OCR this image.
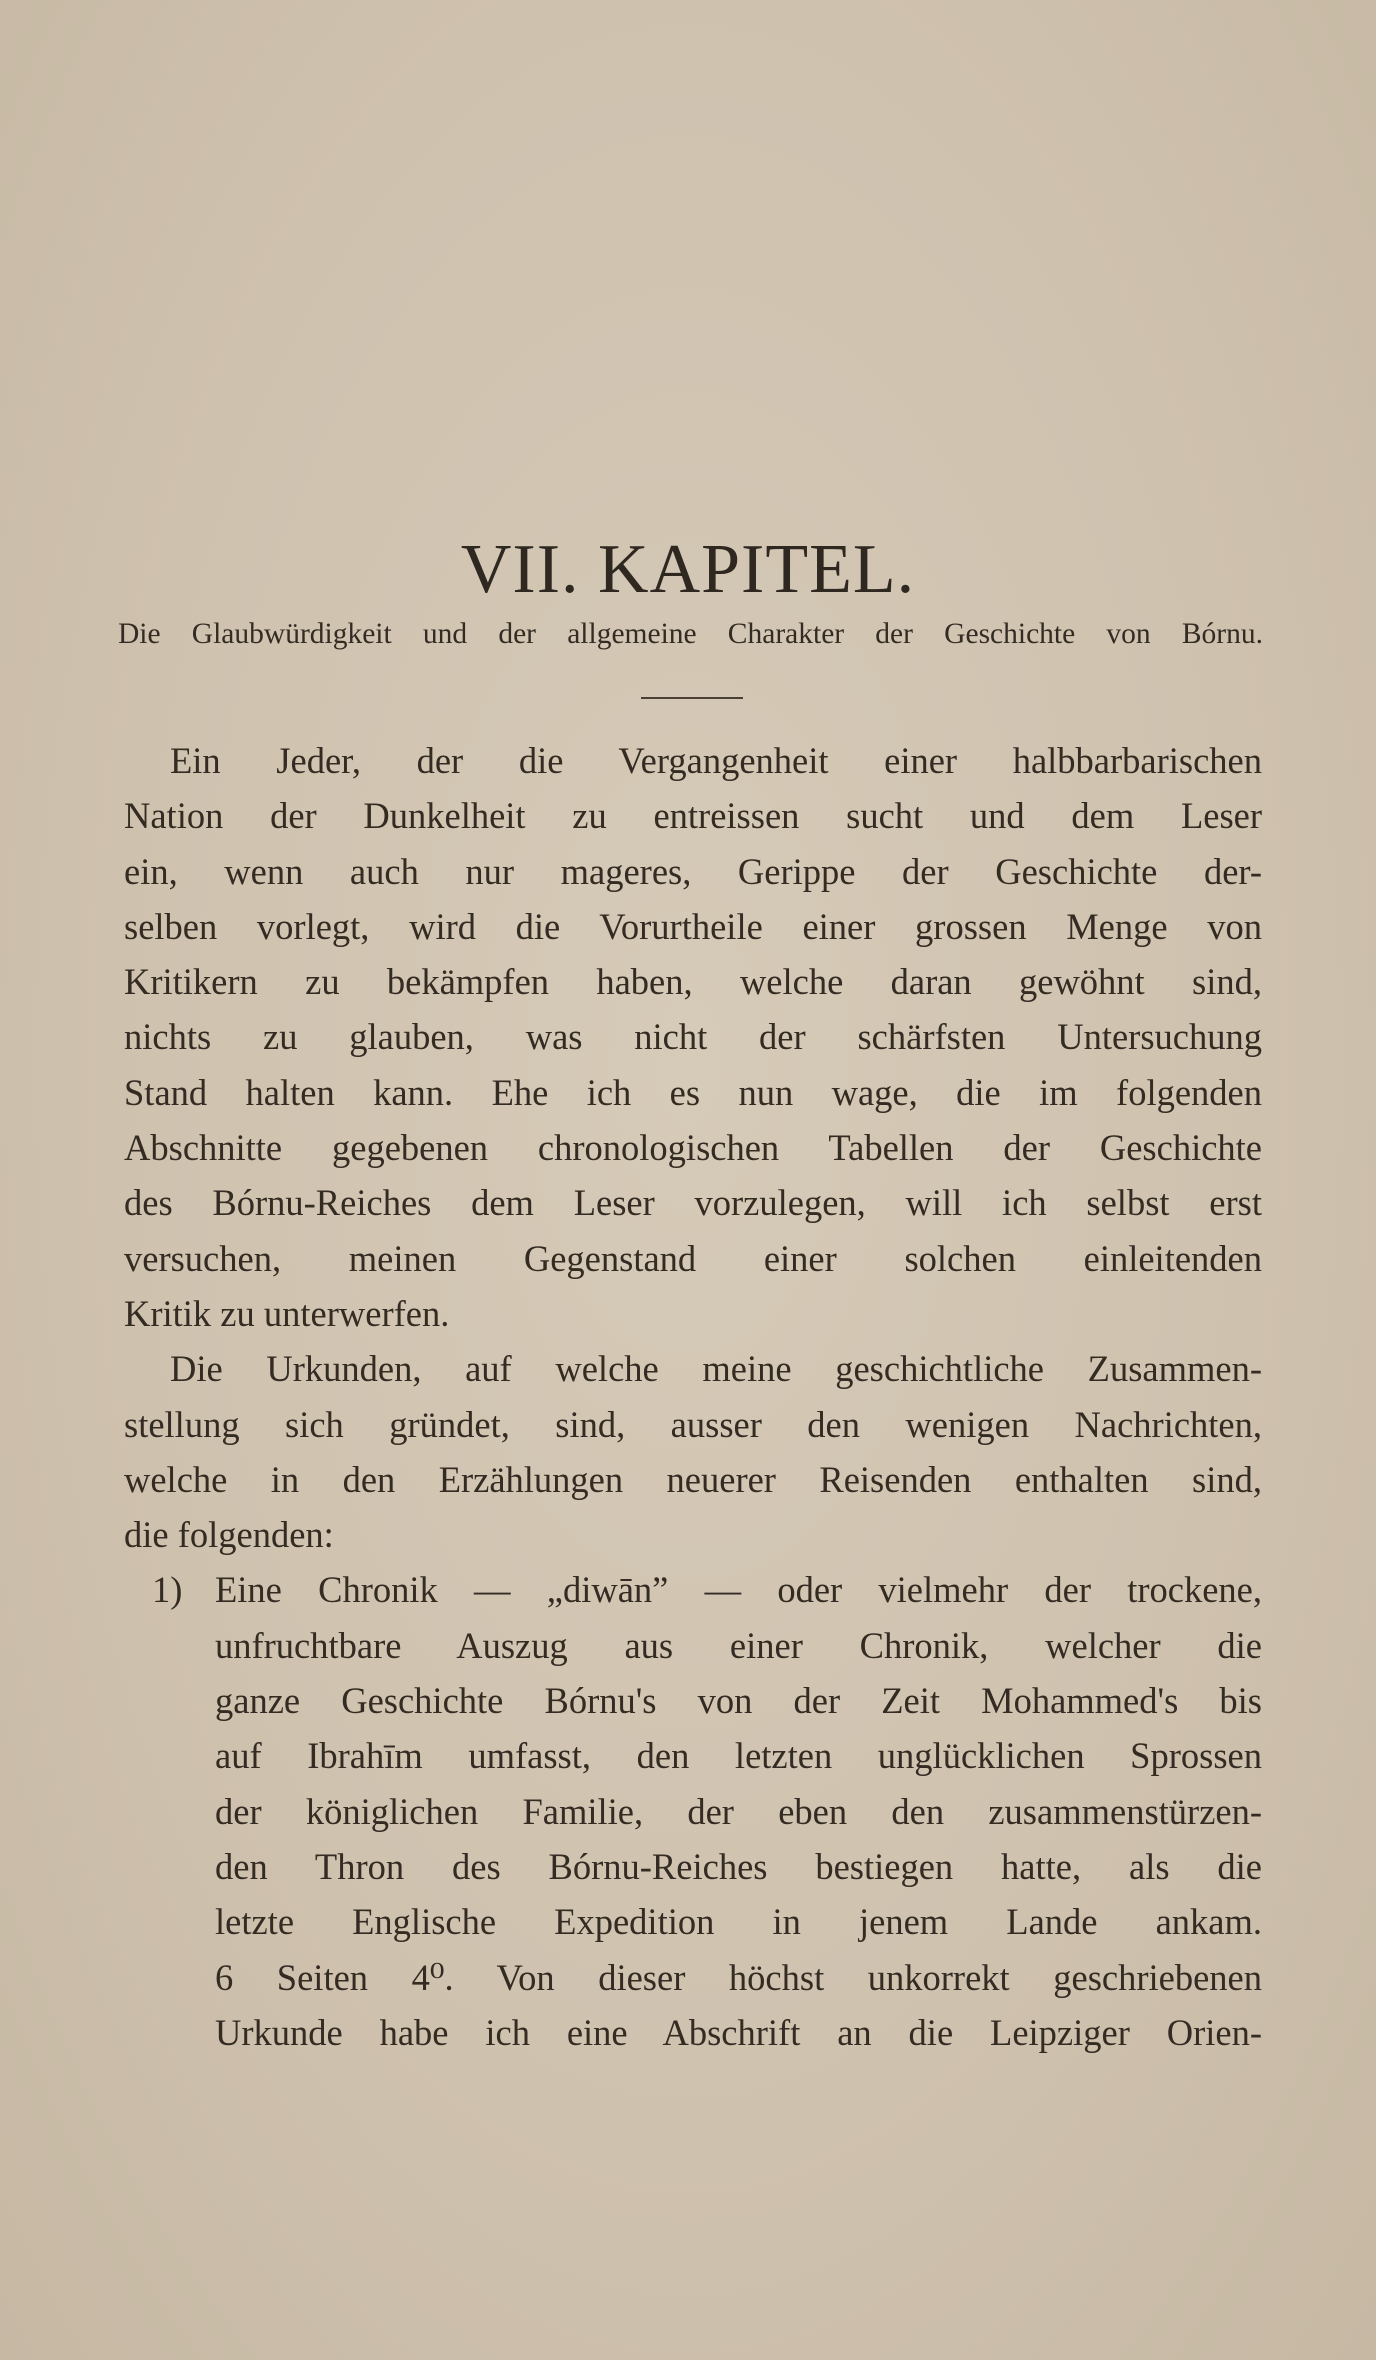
VII. KAPITEL.
Die Glaubwürdigkeit und der allgemeine Charakter der Geschichte von Bórnu.
Ein Jeder, der die Vergangenheit einer halbbarbarischen
Nation der Dunkelheit zu entreissen sucht und dem Leser
ein, wenn auch nur mageres, Gerippe der Geschichte der-
selben vorlegt, wird die Vorurtheile einer grossen Menge von
Kritikern zu bekämpfen haben, welche daran gewöhnt sind,
nichts zu glauben, was nicht der schärfsten Untersuchung
Stand halten kann. Ehe ich es nun wage, die im folgenden
Abschnitte gegebenen chronologischen Tabellen der Geschichte
des Bórnu-Reiches dem Leser vorzulegen, will ich selbst erst
versuchen, meinen Gegenstand einer solchen einleitenden
Kritik zu unterwerfen.
Die Urkunden, auf welche meine geschichtliche Zusammen-
stellung sich gründet, sind, ausser den wenigen Nachrichten,
welche in den Erzählungen neuerer Reisenden enthalten sind,
die folgenden:
1) Eine Chronik — „diwān” — oder vielmehr der trockene,
unfruchtbare Auszug aus einer Chronik, welcher die
ganze Geschichte Bórnu's von der Zeit Mohammed's bis
auf Ibrahīm umfasst, den letzten unglücklichen Sprossen
der königlichen Familie, der eben den zusammenstürzen-
den Thron des Bórnu-Reiches bestiegen hatte, als die
letzte Englische Expedition in jenem Lande ankam.
6 Seiten 4⁰. Von dieser höchst unkorrekt geschriebenen
Urkunde habe ich eine Abschrift an die Leipziger Orien-
